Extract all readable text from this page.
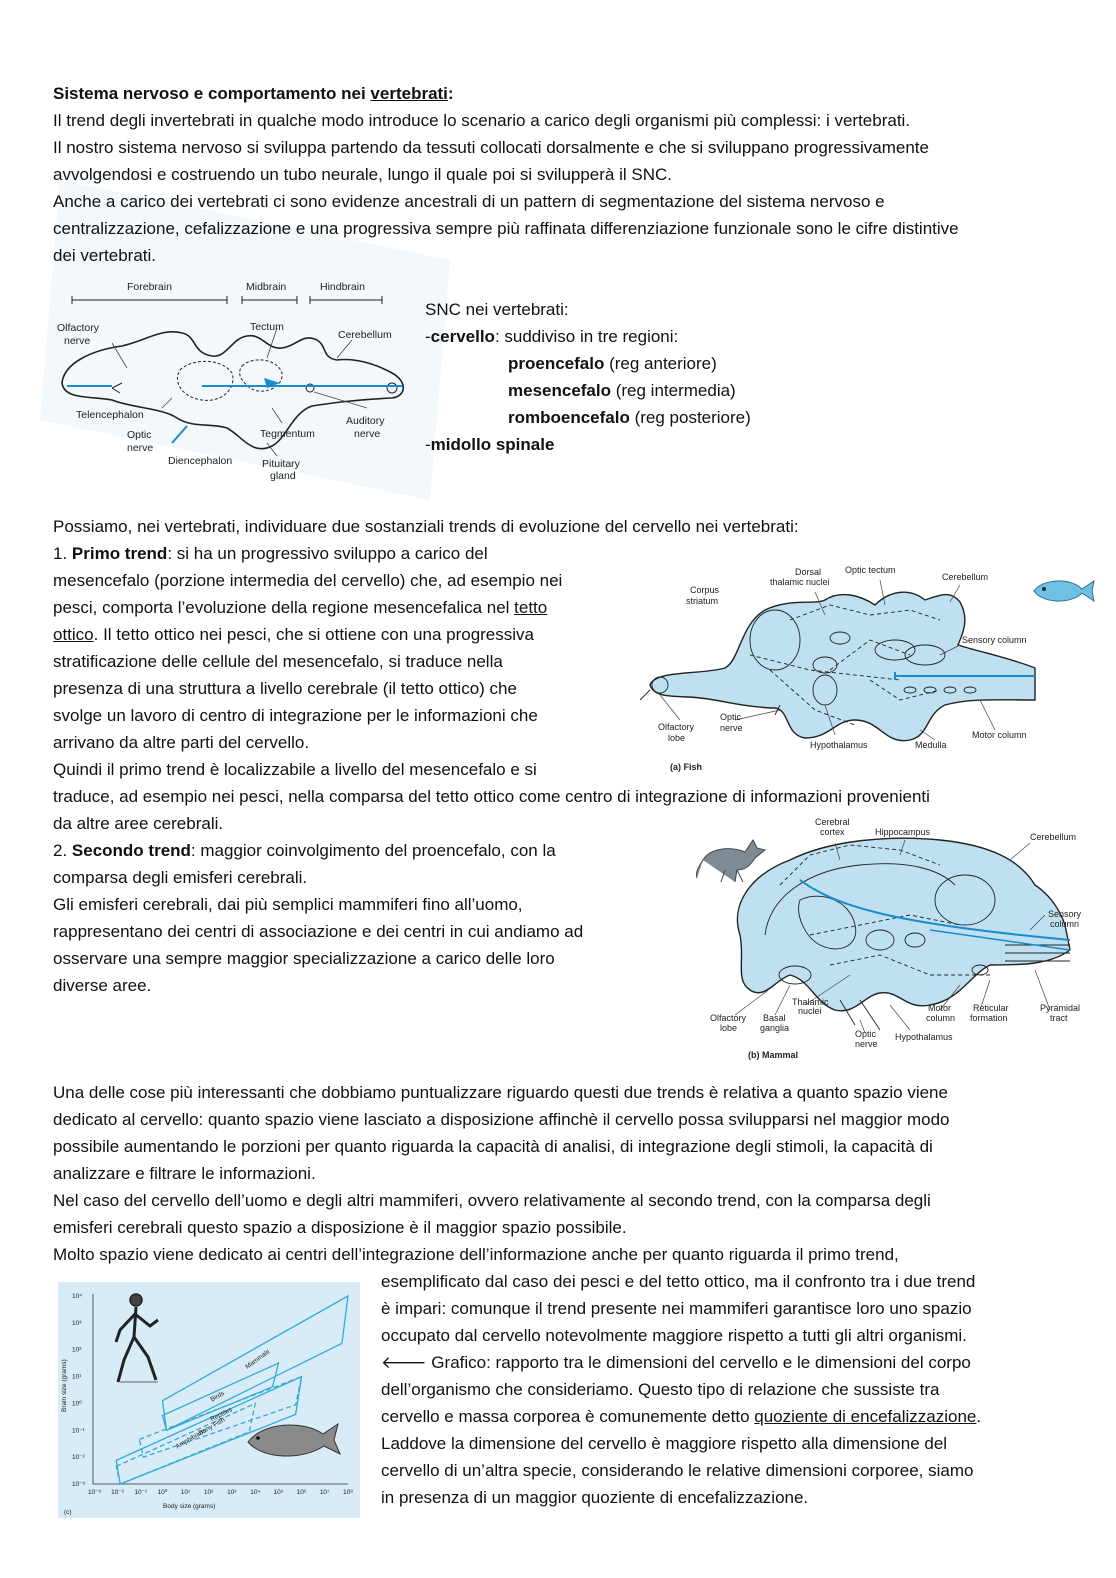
Sistema nervoso e comportamento nei vertebrati:
Il trend degli invertebrati in qualche modo introduce lo scenario a carico degli organismi più complessi: i vertebrati.
Il nostro sistema nervoso si sviluppa partendo da tessuti collocati dorsalmente e che si sviluppano progressivamente
avvolgendosi e costruendo un tubo neurale, lungo il quale poi si svilupperà il SNC.
Anche a carico dei vertebrati ci sono evidenze ancestrali di un pattern di segmentazione del sistema nervoso e
centralizzazione, cefalizzazione e una progressiva sempre più raffinata differenziazione funzionale sono le cifre distintive
dei vertebrati.
Forebrain	Midbrain	Hindbrain
Olfactory
nerve
Tectum
Cerebellum
Telencephalon
Optic
nerve
Tegmentum
Auditory
nerve
Diencephalon	Pituitary
gland
SNC nei vertebrati:
-cervello: suddiviso in tre regioni:
proencefalo (reg anteriore)
mesencefalo (reg intermedia)
romboencefalo (reg posteriore)
-midollo spinale
Possiamo, nei vertebrati, individuare due sostanziali trends di evoluzione del cervello nei vertebrati:
1. Primo trend: si ha un progressivo sviluppo a carico del
mesencefalo (porzione intermedia del cervello) che, ad esempio nei
pesci, comporta l’evoluzione della regione mesencefalica nel tetto
ottico. Il tetto ottico nei pesci, che si ottiene con una progressiva
stratificazione delle cellule del mesencefalo, si traduce nella
presenza di una struttura a livello cerebrale (il tetto ottico) che
svolge un lavoro di centro di integrazione per le informazioni che
arrivano da altre parti del cervello.
Quindi il primo trend è localizzabile a livello del mesencefalo e si
traduce, ad esempio nei pesci, nella comparsa del tetto ottico come centro di integrazione di informazioni provenienti
da altre aree cerebrali.
2. Secondo trend: maggior coinvolgimento del proencefalo, con la
comparsa degli emisferi cerebrali.
Gli emisferi cerebrali, dai più semplici mammiferi fino all’uomo,
rappresentano dei centri di associazione e dei centri in cui andiamo ad
osservare una sempre maggior specializzazione a carico delle loro
diverse aree.
Dorsal
thalamic nuclei
Optic tectum
Cerebellum
Corpus
striatum
Sensory column
Olfactory
lobe
Optic
nerve
Hypothalamus	Medulla
Motor column
(a) Fish
Cerebral
cortex	Hippocampus	Cerebellum
Sensory
column
Olfactory
lobe
Basal
ganglia
Thalamic
nuclei
Optic
nerve
Hypothalamus
Motor
column
Reticular
formation
Pyramidal
tract
(b) Mammal
Una delle cose più interessanti che dobbiamo puntualizzare riguardo questi due trends è relativa a quanto spazio viene
dedicato al cervello: quanto spazio viene lasciato a disposizione affinchè il cervello possa svilupparsi nel maggior modo
possibile aumentando le porzioni per quanto riguarda la capacità di analisi, di integrazione degli stimoli, la capacità di
analizzare e filtrare le informazioni.
Nel caso del cervello dell’uomo e degli altri mammiferi, ovvero relativamente al secondo trend, con la comparsa degli
emisferi cerebrali questo spazio a disposizione è il maggior spazio possibile.
Molto spazio viene dedicato ai centri dell’integrazione dell’informazione anche per quanto riguarda il primo trend,
esemplificato dal caso dei pesci e del tetto ottico, ma il confronto tra i due trend
è impari: comunque il trend presente nei mammiferi garantisce loro uno spazio
occupato dal cervello notevolmente maggiore rispetto a tutti gli altri organismi.
🡐 Grafico: rapporto tra le dimensioni del cervello e le dimensioni del corpo
dell’organismo che consideriamo. Questo tipo di relazione che sussiste tra
cervello e massa corporea è comunemente detto quoziente di encefalizzazione.
Laddove la dimensione del cervello è maggiore rispetto alla dimensione del
cervello di un’altra specie, considerando le relative dimensioni corporee, siamo
in presenza di un maggior quoziente di encefalizzazione.
10⁻³ 10⁻² 10⁻¹ 10⁰ 10¹ 10² 10³ 10⁴ 10⁵ 10⁶ 10⁷ 10⁸
10⁻³
10⁻²
10⁻¹
10⁰
10¹
10²
10³
10⁴
Mammals
Birds
Reptiles
Bony Fish
Amphibians
Body size (grams)
Brain size (grams)
(c)
